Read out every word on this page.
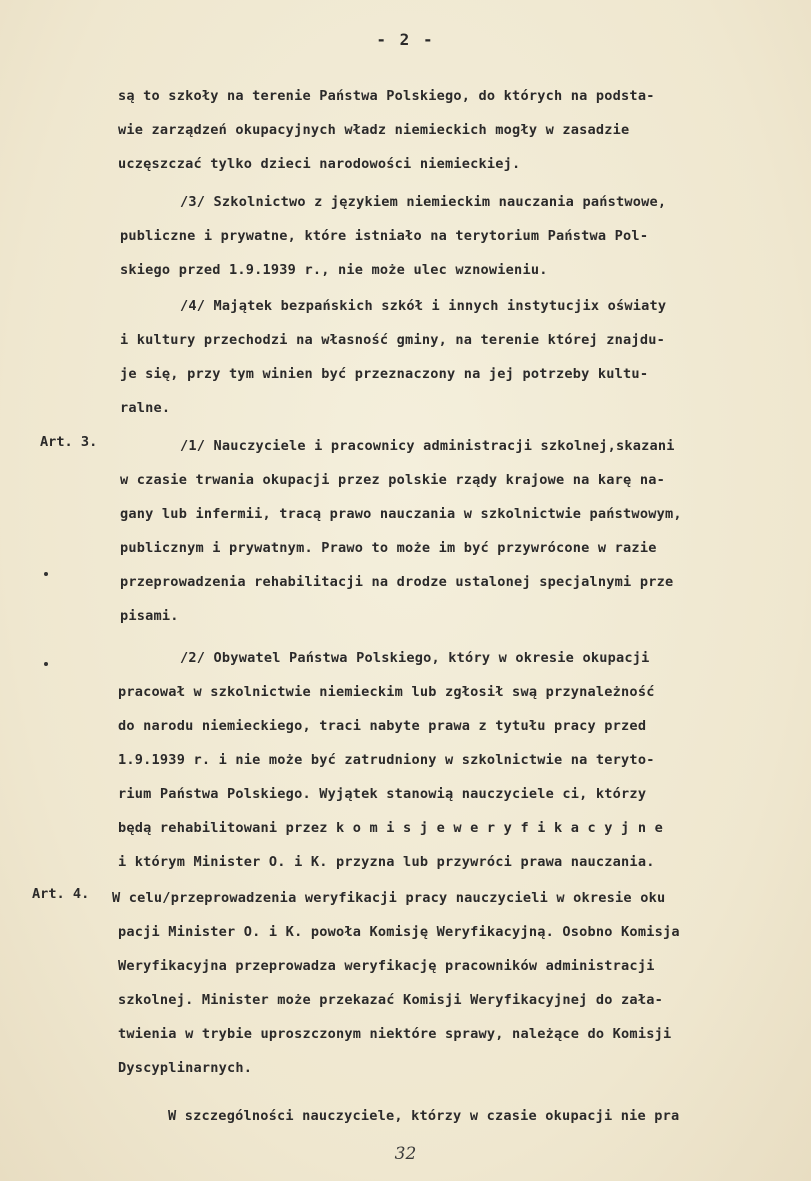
- 2 -
są to szkoły na terenie Państwa Polskiego, do których na podsta-
wie zarządzeń okupacyjnych władz niemieckich mogły w zasadzie
uczęszczać tylko dzieci narodowości niemieckiej.
/3/ Szkolnictwo z językiem niemieckim nauczania państwowe,
publiczne i prywatne, które istniało na terytorium Państwa Pol-
skiego przed 1.9.1939 r., nie może ulec wznowieniu.
/4/ Majątek bezpańskich szkół i innych instytucjix oświaty
i kultury przechodzi na własność gminy, na terenie której znajdu-
je się, przy tym winien być przeznaczony na jej potrzeby kultu-
ralne.
Art. 3.	/1/ Nauczyciele i pracownicy administracji szkolnej,skazani
w czasie trwania okupacji przez polskie rządy krajowe na karę na-
gany lub infermii, tracą prawo nauczania w szkolnictwie państwowym,
publicznym i prywatnym. Prawo to może im być przywrócone w razie
przeprowadzenia rehabilitacji na drodze ustalonej specjalnymi prze
pisami.
/2/ Obywatel Państwa Polskiego, który w okresie okupacji
pracował w szkolnictwie niemieckim lub zgłosił swą przynależność
do narodu niemieckiego, traci nabyte prawa z tytułu pracy przed
1.9.1939 r. i nie może być zatrudniony w szkolnictwie na teryto-
rium Państwa Polskiego. Wyjątek stanowią nauczyciele ci, którzy
będą rehabilitowani przez k o m i s j e w e r y f i k a c y j n e
i którym Minister O. i K. przyzna lub przywróci prawa nauczania.
Art. 4. W celu/przeprowadzenia weryfikacji pracy nauczycieli w okresie oku
pacji Minister O. i K. powoła Komisję Weryfikacyjną. Osobno Komisja
Weryfikacyjna przeprowadza weryfikację pracowników administracji
szkolnej. Minister może przekazać Komisji Weryfikacyjnej do zała-
twienia w trybie uproszczonym niektóre sprawy, należące do Komisji
Dyscyplinarnych.
W szczególności nauczyciele, którzy w czasie okupacji nie pra
32
